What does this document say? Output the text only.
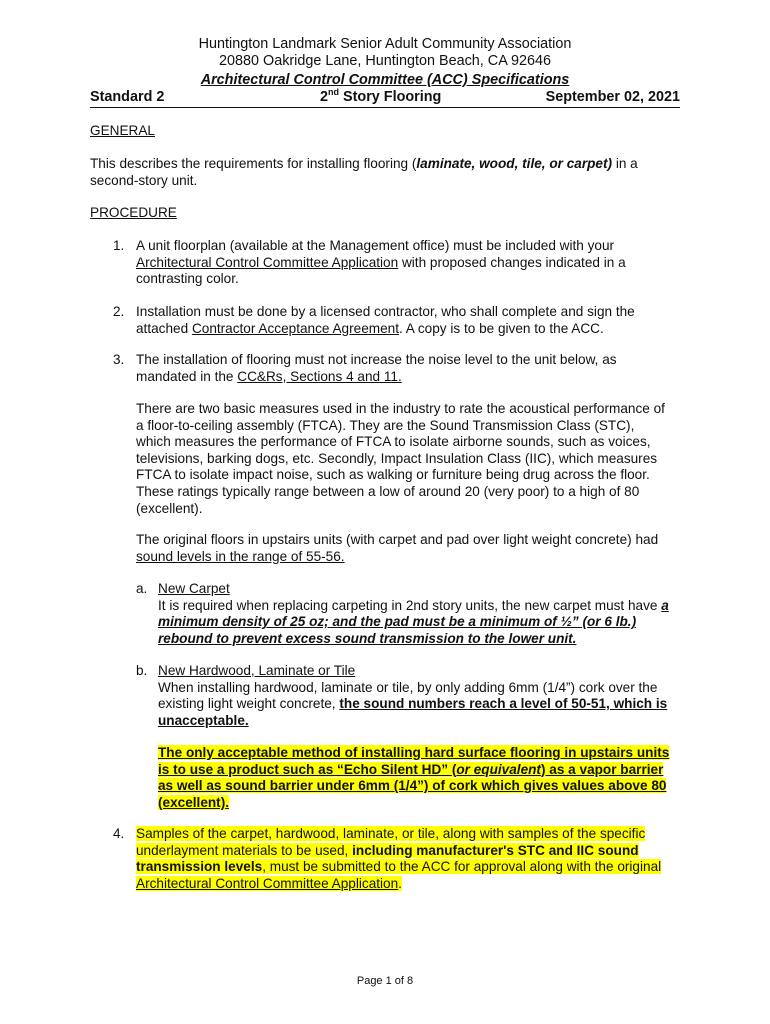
Huntington Landmark Senior Adult Community Association
20880 Oakridge Lane, Huntington Beach, CA 92646
Architectural Control Committee (ACC) Specifications
Standard 2	2nd Story Flooring	September 02, 2021
GENERAL
This describes the requirements for installing flooring (laminate, wood, tile, or carpet) in a
second-story unit.
PROCEDURE
1. A unit floorplan (available at the Management office) must be included with your
Architectural Control Committee Application with proposed changes indicated in a
contrasting color.
2. Installation must be done by a licensed contractor, who shall complete and sign the
attached Contractor Acceptance Agreement. A copy is to be given to the ACC.
3. The installation of flooring must not increase the noise level to the unit below, as
mandated in the CC&Rs, Sections 4 and 11.
There are two basic measures used in the industry to rate the acoustical performance of
a floor-to-ceiling assembly (FTCA). They are the Sound Transmission Class (STC),
which measures the performance of FTCA to isolate airborne sounds, such as voices,
televisions, barking dogs, etc. Secondly, Impact Insulation Class (IIC), which measures
FTCA to isolate impact noise, such as walking or furniture being drug across the floor.
These ratings typically range between a low of around 20 (very poor) to a high of 80
(excellent).
The original floors in upstairs units (with carpet and pad over light weight concrete) had
sound levels in the range of 55-56.
a. New Carpet
It is required when replacing carpeting in 2nd story units, the new carpet must have a
minimum density of 25 oz; and the pad must be a minimum of ½” (or 6 lb.)
rebound to prevent excess sound transmission to the lower unit.
b. New Hardwood, Laminate or Tile
When installing hardwood, laminate or tile, by only adding 6mm (1/4”) cork over the
existing light weight concrete, the sound numbers reach a level of 50-51, which is
unacceptable.
The only acceptable method of installing hard surface flooring in upstairs units
is to use a product such as “Echo Silent HD” (or equivalent) as a vapor barrier
as well as sound barrier under 6mm (1/4”) of cork which gives values above 80
(excellent).
4. Samples of the carpet, hardwood, laminate, or tile, along with samples of the specific
underlayment materials to be used, including manufacturer's STC and IIC sound
transmission levels, must be submitted to the ACC for approval along with the original
Architectural Control Committee Application.
Page 1 of 8
